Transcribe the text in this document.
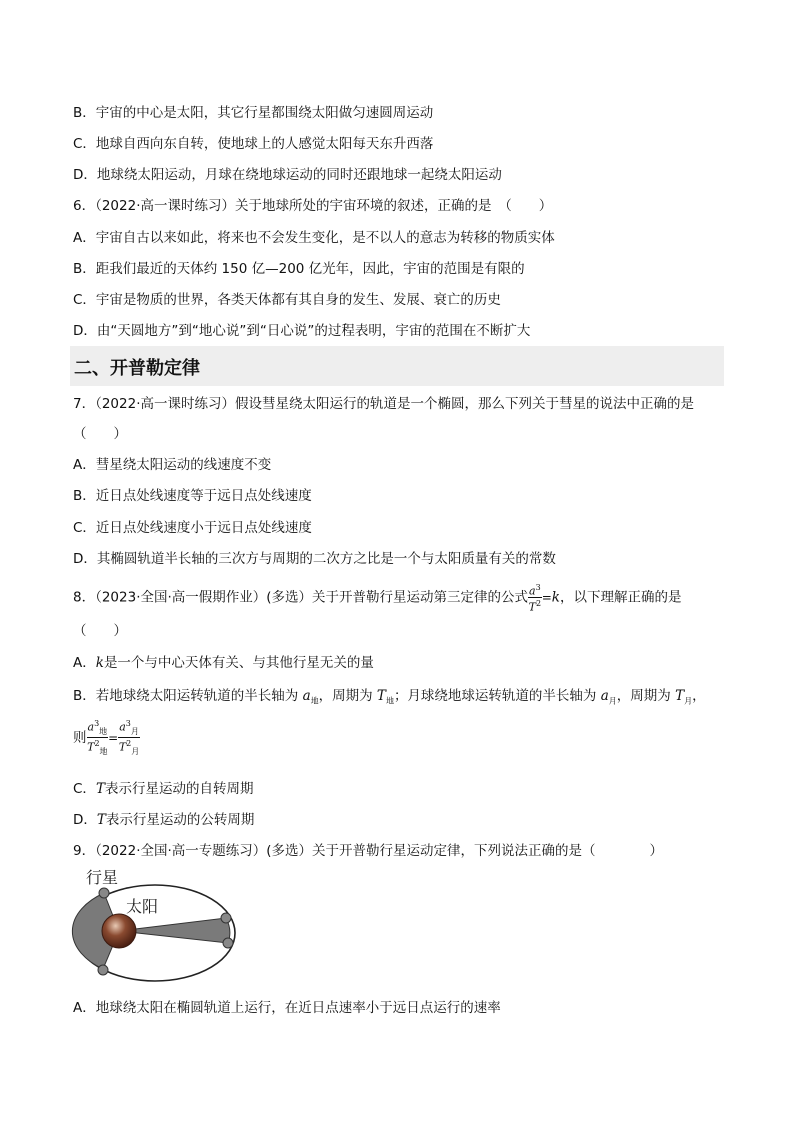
B．宇宙的中心是太阳，其它行星都围绕太阳做匀速圆周运动
C．地球自西向东自转，使地球上的人感觉太阳每天东升西落
D．地球绕太阳运动，月球在绕地球运动的同时还跟地球一起绕太阳运动
6．（2022·高一课时练习）关于地球所处的宇宙环境的叙述，正确的是　（　　）
A．宇宙自古以来如此，将来也不会发生变化，是不以人的意志为转移的物质实体
B．距我们最近的天体约 150 亿—200 亿光年，因此，宇宙的范围是有限的
C．宇宙是物质的世界，各类天体都有其自身的发生、发展、衰亡的历史
D．由“天圆地方”到“地心说”到“日心说”的过程表明，宇宙的范围在不断扩大
二、开普勒定律
7．（2022·高一课时练习）假设彗星绕太阳运行的轨道是一个椭圆，那么下列关于彗星的说法中正确的是
（　　）
A．彗星绕太阳运动的线速度不变
B．近日点处线速度等于远日点处线速度
C．近日点处线速度小于远日点处线速度
D．其椭圆轨道半长轴的三次方与周期的二次方之比是一个与太阳质量有关的常数
8．（2023·全国·高一假期作业）(多选）关于开普勒行星运动第三定律的公式 $\frac{a^3}{T^2} =k$，以下理解正确的是
（　　）
A．k是一个与中心天体有关、与其他行星无关的量
B．若地球绕太阳运转轨道的半长轴为 $a_地$，周期为 $T_地$；月球绕地球运转轨道的半长轴为 $a_月$，周期为 $T_月$，
则 $\frac{a^3_地}{T^2_地} = \frac{a^3_月}{T^2_月}$
C．T表示行星运动的自转周期
D．T表示行星运动的公转周期
9．（2022·全国·高一专题练习）(多选）关于开普勒行星运动定律，下列说法正确的是（　　　　）
行星
太阳
A．地球绕太阳在椭圆轨道上运行，在近日点速率小于远日点运行的速率
